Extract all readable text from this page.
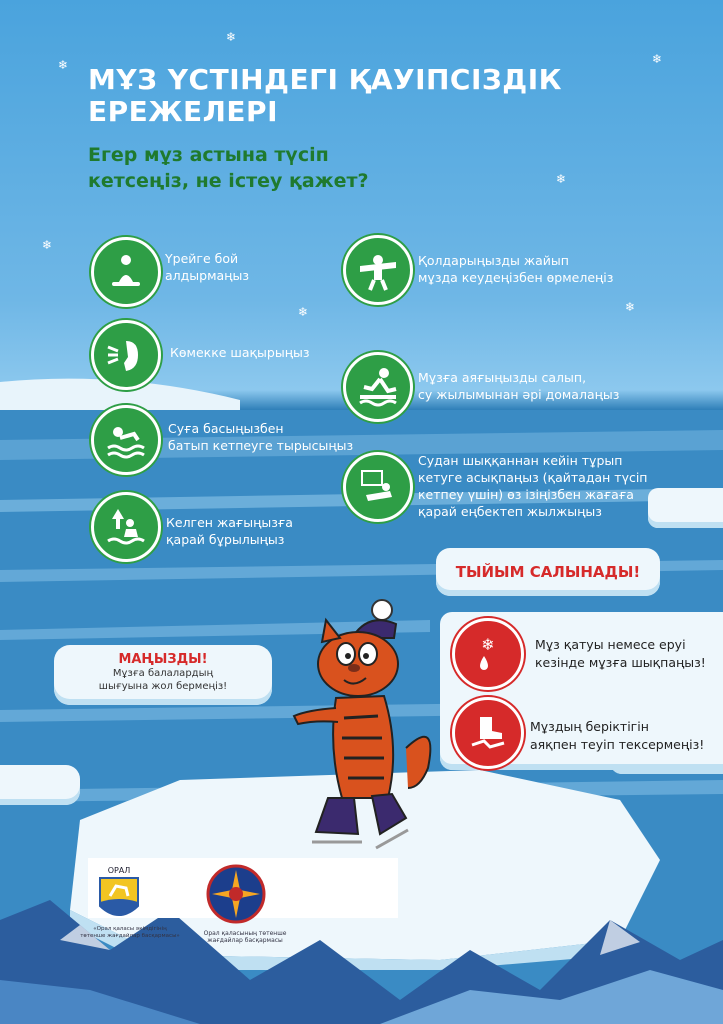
❄
❄	❄
❄
❄
❄	❄
МҰЗ ҮСТІНДЕГІ ҚАУІПСІЗДІК
ЕРЕЖЕЛЕРІ
Егер мұз астына түсіп
кетсеңіз, не істеу қажет?
Үрейге бой
алдырмаңыз
Көмекке шақырыңыз
Суға басыңызбен
батып кетпеуге тырысыңыз
Келген жағыңызға
қарай бұрылыңыз
Қолдарыңызды жайып
мұзда кеудеңізбен өрмелеңіз
Мұзға аяғыңызды салып,
су жылымынан әрі домалаңыз
Судан шыққаннан кейін тұрып
кетуге асықпаңыз (қайтадан түсіп
кетпеу үшін) өз ізіңізбен жағаға
қарай еңбектеп жылжыңыз
ТЫЙЫМ САЛЫНАДЫ!
❄	Мұз қатуы немесе еруі
кезінде мұзға шықпаңыз!
Мұздың беріктігін
аяқпен теуіп тексермеңіз!
МАҢЫЗДЫ!
Мұзға балалардың
шығуына жол бермеңіз!
ОРАЛ
«Орал қаласы әкімдігінің төтенше жағдайлар басқармасы»	Орал қаласының төтенше
жағдайлар басқармасы
